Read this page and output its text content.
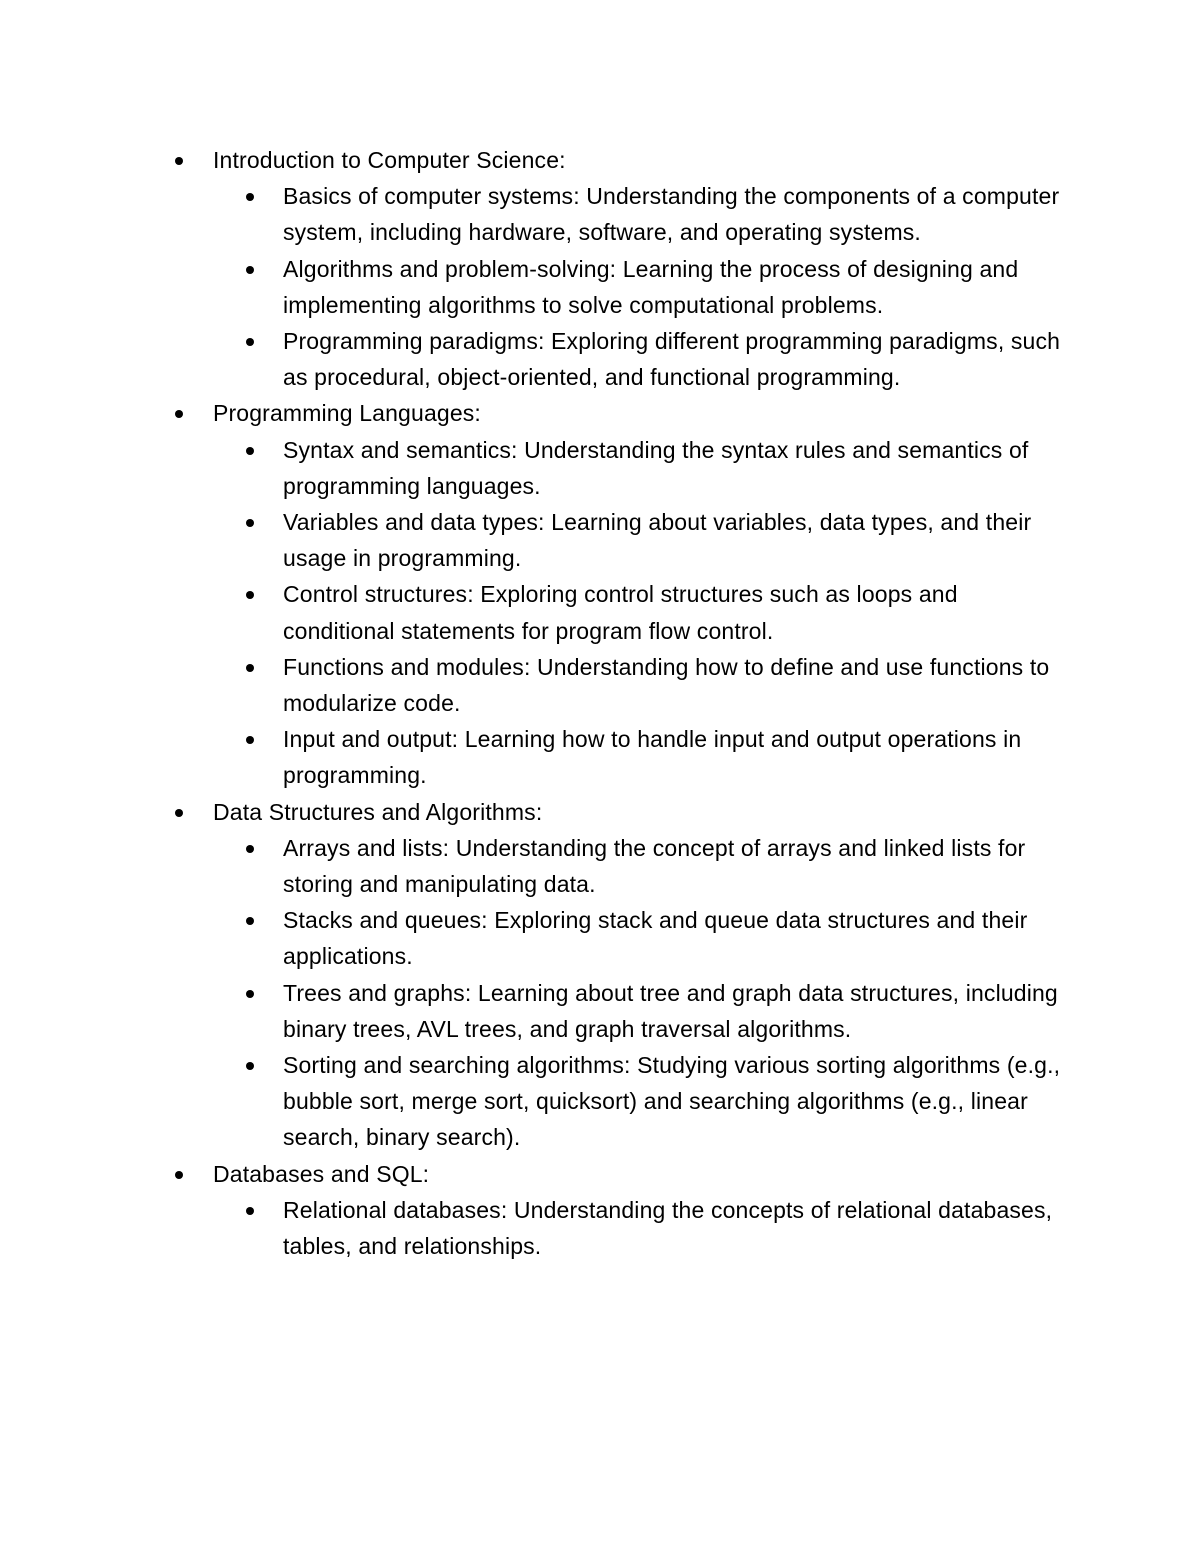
Introduction to Computer Science:
Basics of computer systems: Understanding the components of a computer system, including hardware, software, and operating systems.
Algorithms and problem-solving: Learning the process of designing and implementing algorithms to solve computational problems.
Programming paradigms: Exploring different programming paradigms, such as procedural, object-oriented, and functional programming.
Programming Languages:
Syntax and semantics: Understanding the syntax rules and semantics of programming languages.
Variables and data types: Learning about variables, data types, and their usage in programming.
Control structures: Exploring control structures such as loops and conditional statements for program flow control.
Functions and modules: Understanding how to define and use functions to modularize code.
Input and output: Learning how to handle input and output operations in programming.
Data Structures and Algorithms:
Arrays and lists: Understanding the concept of arrays and linked lists for storing and manipulating data.
Stacks and queues: Exploring stack and queue data structures and their applications.
Trees and graphs: Learning about tree and graph data structures, including binary trees, AVL trees, and graph traversal algorithms.
Sorting and searching algorithms: Studying various sorting algorithms (e.g., bubble sort, merge sort, quicksort) and searching algorithms (e.g., linear search, binary search).
Databases and SQL:
Relational databases: Understanding the concepts of relational databases, tables, and relationships.
